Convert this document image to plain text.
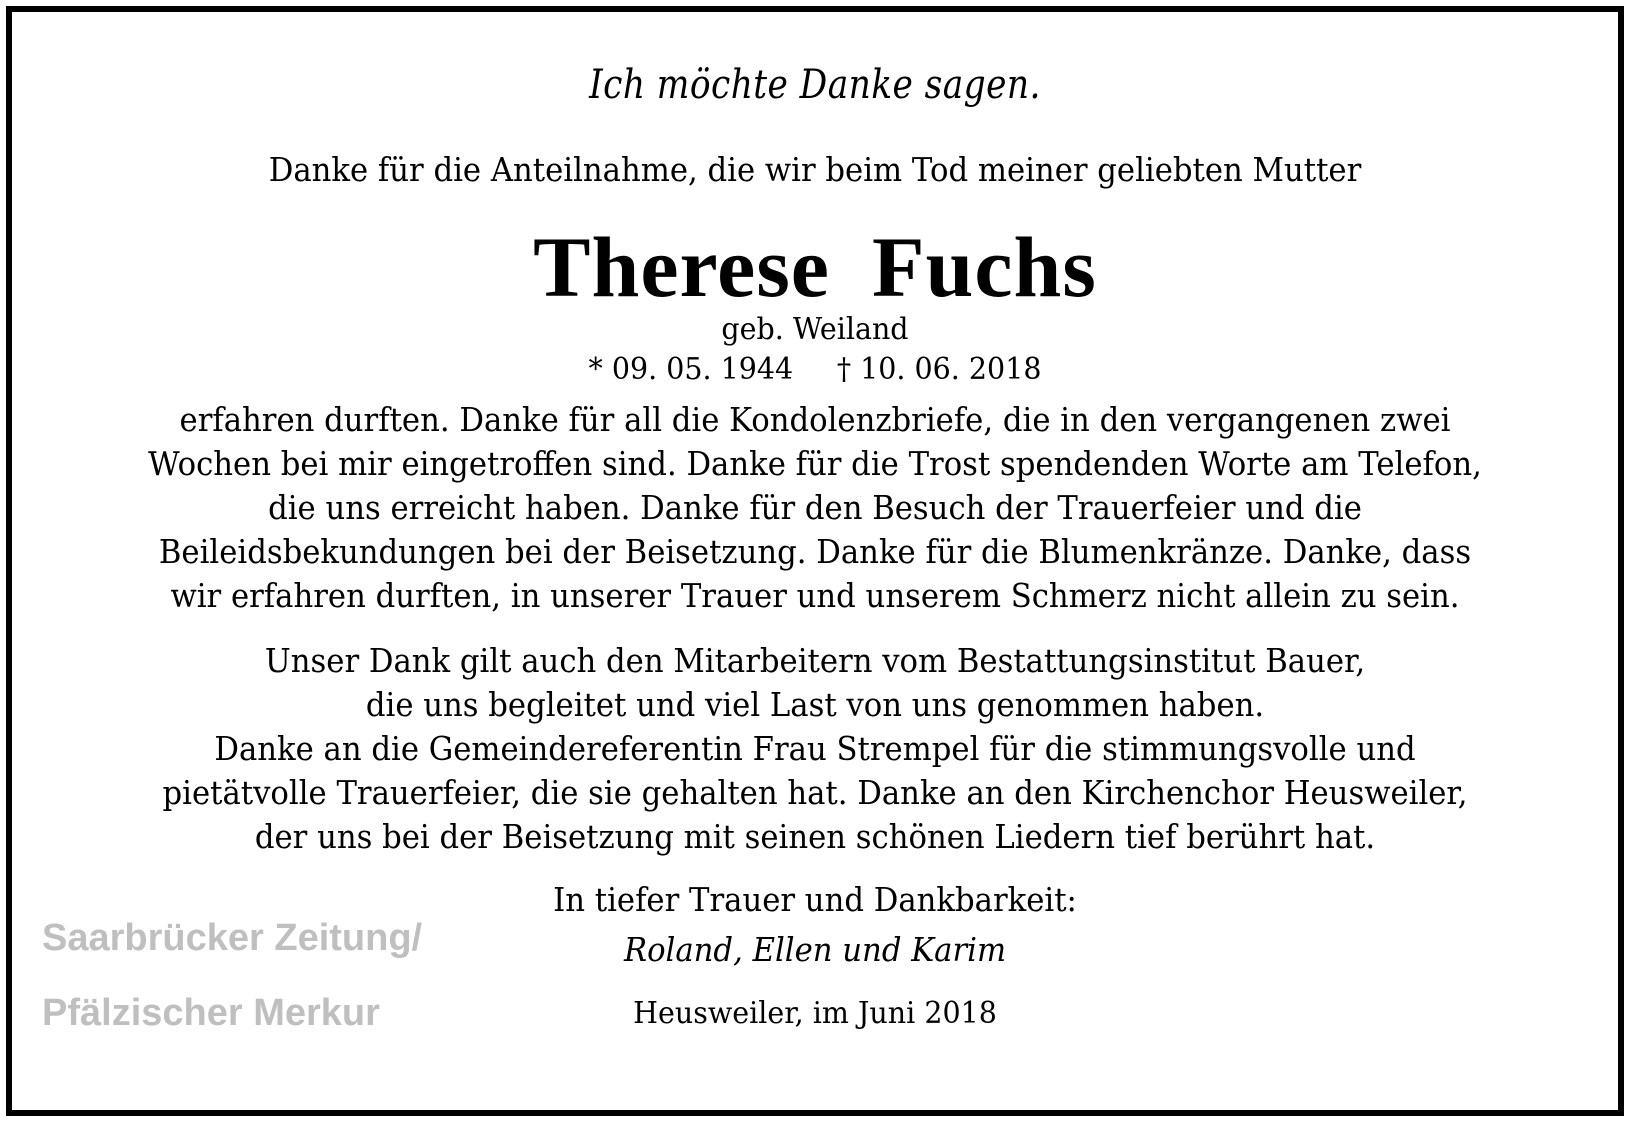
Ich möchte Danke sagen.
Danke für die Anteilnahme, die wir beim Tod meiner geliebten Mutter
Therese Fuchs
geb. Weiland
* 09. 05. 1944 † 10. 06. 2018
erfahren durften. Danke für all die Kondolenzbriefe, die in den vergangenen zwei
Wochen bei mir eingetroffen sind. Danke für die Trost spendenden Worte am Telefon,
die uns erreicht haben. Danke für den Besuch der Trauerfeier und die
Beileidsbekundungen bei der Beisetzung. Danke für die Blumenkränze. Danke, dass
wir erfahren durften, in unserer Trauer und unserem Schmerz nicht allein zu sein.
Unser Dank gilt auch den Mitarbeitern vom Bestattungsinstitut Bauer,
die uns begleitet und viel Last von uns genommen haben.
Danke an die Gemeindereferentin Frau Strempel für die stimmungsvolle und
pietätvolle Trauerfeier, die sie gehalten hat. Danke an den Kirchenchor Heusweiler,
der uns bei der Beisetzung mit seinen schönen Liedern tief berührt hat.
In tiefer Trauer und Dankbarkeit:
Roland, Ellen und Karim
Heusweiler, im Juni 2018
Saarbrücker Zeitung/
Pfälzischer Merkur
